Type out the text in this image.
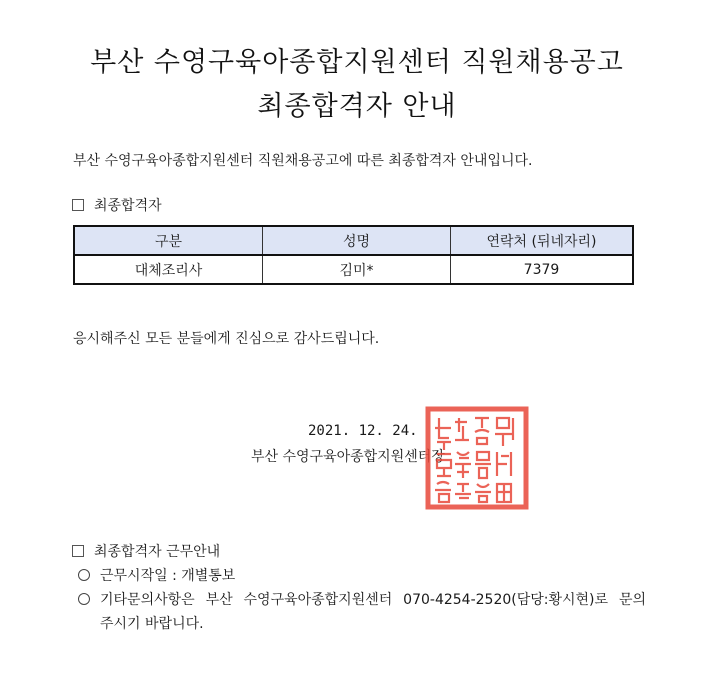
부산 수영구육아종합지원센터 직원채용공고
최종합격자 안내
부산 수영구육아종합지원센터 직원채용공고에 따른 최종합격자 안내입니다.
최종합격자
구분	성명	연락처 (뒤네자리)
대체조리사	김미*	7379
응시해주신 모든 분들에게 진심으로 감사드립니다.
2021. 12. 24.
부산 수영구육아종합지원센터장
최종합격자 근무안내
근무시작일 : 개별통보
기타문의사항은  부산  수영구육아종합지원센터  070-4254-2520(담당:황시현)로  문의
주시기 바랍니다.
